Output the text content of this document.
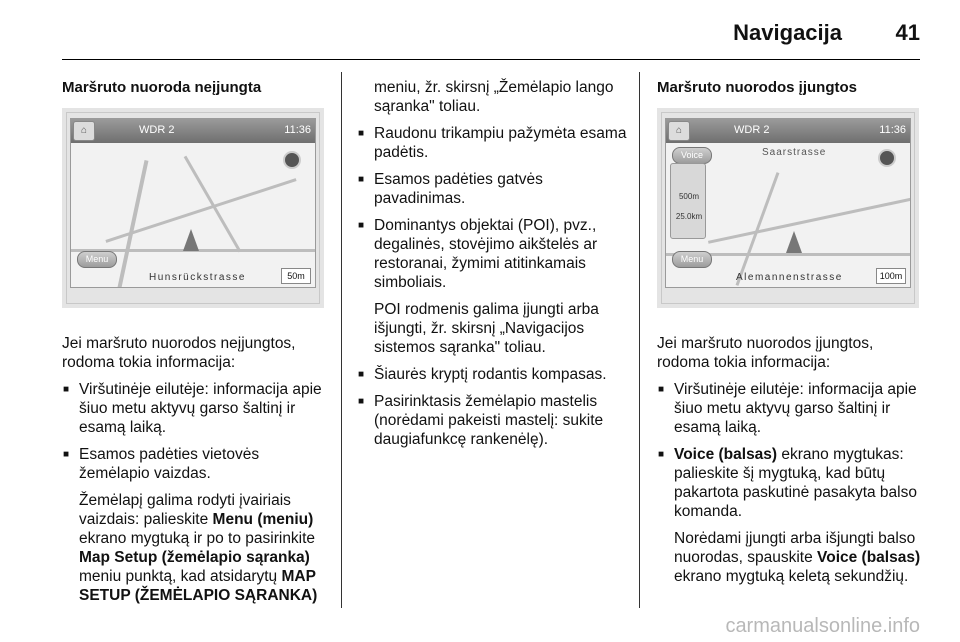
Navigacija 41

Maršruto nuoroda neįjungta

⌂	WDR 2	11:36
Menu
Hunsrückstrasse	50m

Jei maršruto nuorodos neįjungtos, rodoma tokia informacija:

■ Viršutinėje eilutėje: informacija apie šiuo metu aktyvų garso šaltinį ir esamą laiką.

■ Esamos padėties vietovės žemėlapio vaizdas.

Žemėlapį galima rodyti įvairiais vaizdais: palieskite Menu (meniu) ekrano mygtuką ir po to pasirinkite Map Setup (žemėlapio sąranka) meniu punktą, kad atsidarytų MAP SETUP (ŽEMĖLAPIO SĄRANKA)

meniu, žr. skirsnį „Žemėlapio lango sąranka" toliau.

■ Raudonu trikampiu pažymėta esama padėtis.

■ Esamos padėties gatvės pavadinimas.

■ Dominantys objektai (POI), pvz., degalinės, stovėjimo aikštelės ar restoranai, žymimi atitinkamais simboliais.

POI rodmenis galima įjungti arba išjungti, žr. skirsnį „Navigacijos sistemos sąranka" toliau.

■ Šiaurės kryptį rodantis kompasas.

■ Pasirinktasis žemėlapio mastelis (norėdami pakeisti mastelį: sukite daugiafunkcę rankenėlę).

Maršruto nuorodos įjungtos

⌂	WDR 2	11:36
Saarstrasse
Voice
500m
25.0km
Menu
Alemannenstrasse	100m

Jei maršruto nuorodos įjungtos, rodoma tokia informacija:

■ Viršutinėje eilutėje: informacija apie šiuo metu aktyvų garso šaltinį ir esamą laiką.

■ Voice (balsas) ekrano mygtukas: palieskite šį mygtuką, kad būtų pakartota paskutinė pasakyta balso komanda.

Norėdami įjungti arba išjungti balso nuorodas, spauskite Voice (balsas) ekrano mygtuką keletą sekundžių.

carmanualsonline.info
